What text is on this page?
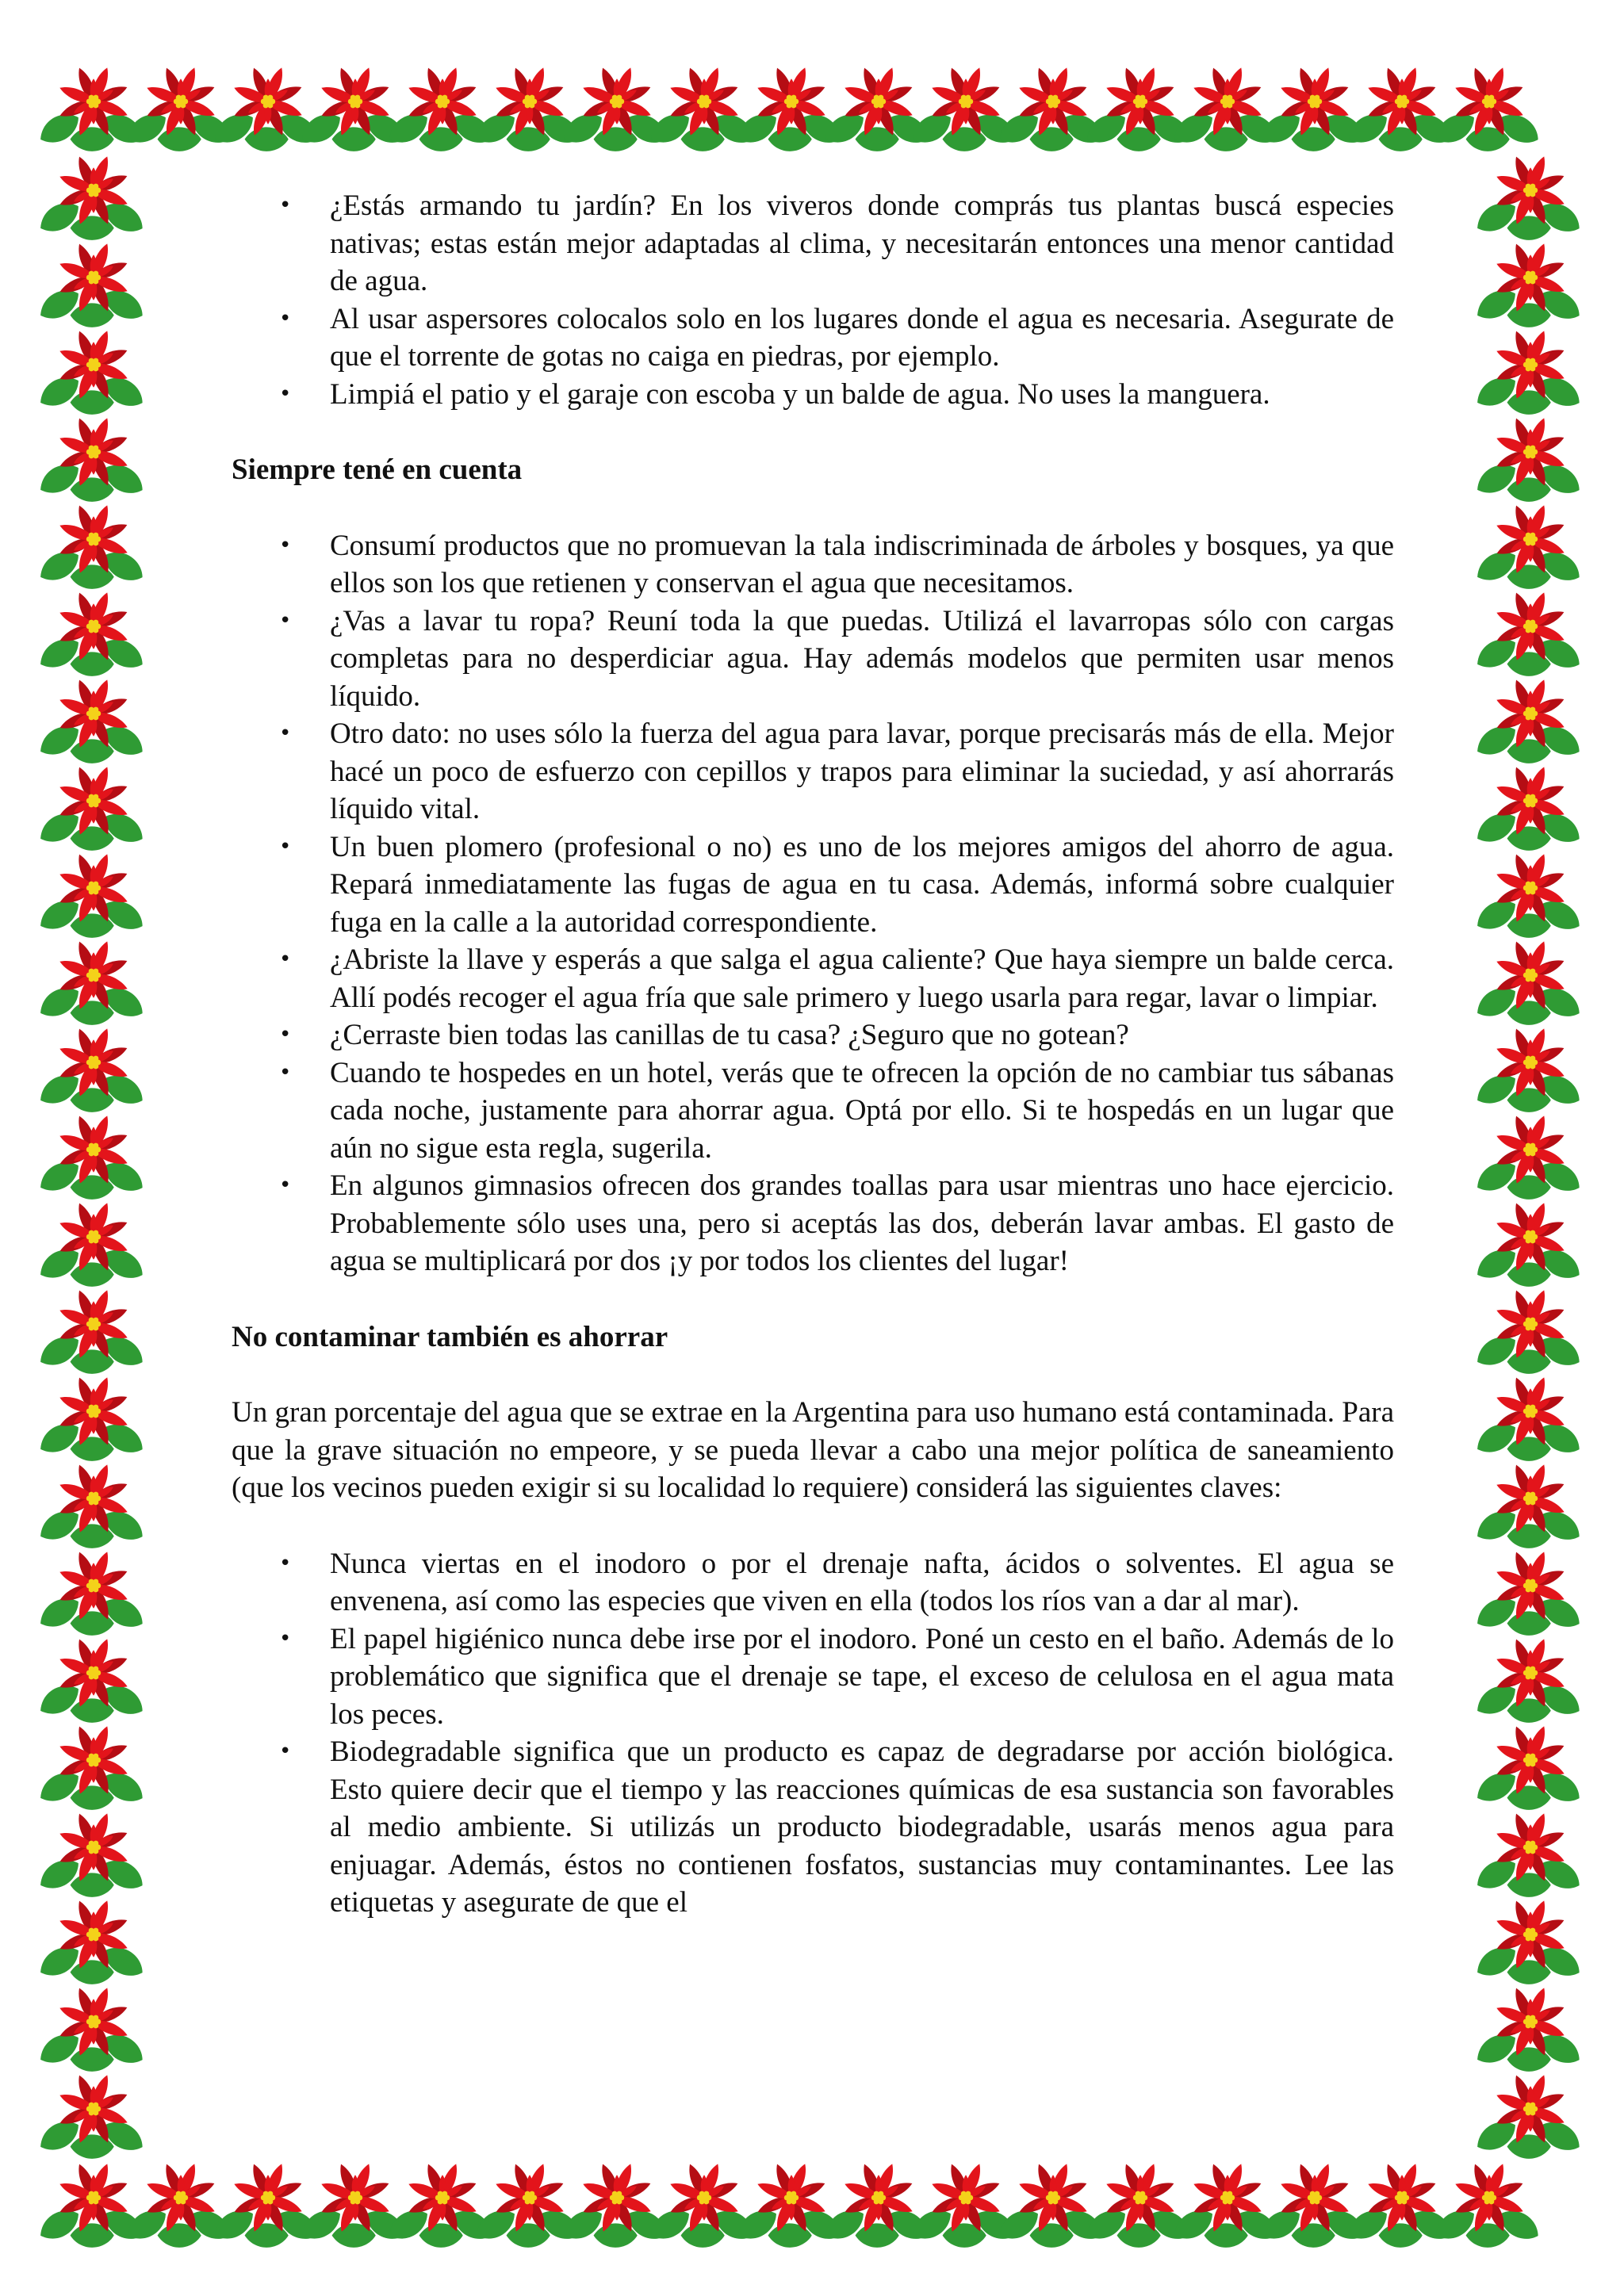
• ¿Estás armando tu jardín? En los viveros donde comprás tus plantas buscá especies nativas; estas están mejor adaptadas al clima, y necesitarán entonces una menor cantidad de agua.
• Al usar aspersores colocalos solo en los lugares donde el agua es necesaria. Asegurate de que el torrente de gotas no caiga en piedras, por ejemplo.
• Limpiá el patio y el garaje con escoba y un balde de agua. No uses la manguera.
Siempre tené en cuenta
• Consumí productos que no promuevan la tala indiscriminada de árboles y bosques, ya que ellos son los que retienen y conservan el agua que necesitamos.
• ¿Vas a lavar tu ropa? Reuní toda la que puedas. Utilizá el lavarropas sólo con cargas completas para no desperdiciar agua. Hay además modelos que permiten usar menos líquido.
• Otro dato: no uses sólo la fuerza del agua para lavar, porque precisarás más de ella. Mejor hacé un poco de esfuerzo con cepillos y trapos para eliminar la suciedad, y así ahorrarás líquido vital.
• Un buen plomero (profesional o no) es uno de los mejores amigos del ahorro de agua. Repará inmediatamente las fugas de agua en tu casa. Además, informá sobre cualquier fuga en la calle a la autoridad correspondiente.
• ¿Abriste la llave y esperás a que salga el agua caliente? Que haya siempre un balde cerca. Allí podés recoger el agua fría que sale primero y luego usarla para regar, lavar o limpiar.
• ¿Cerraste bien todas las canillas de tu casa? ¿Seguro que no gotean?
• Cuando te hospedes en un hotel, verás que te ofrecen la opción de no cambiar tus sábanas cada noche, justamente para ahorrar agua. Optá por ello. Si te hospedás en un lugar que aún no sigue esta regla, sugerila.
• En algunos gimnasios ofrecen dos grandes toallas para usar mientras uno hace ejercicio. Probablemente sólo uses una, pero si aceptás las dos, deberán lavar ambas. El gasto de agua se multiplicará por dos ¡y por todos los clientes del lugar!
No contaminar también es ahorrar

Un gran porcentaje del agua que se extrae en la Argentina para uso humano está contaminada. Para que la grave situación no empeore, y se pueda llevar a cabo una mejor política de saneamiento (que los vecinos pueden exigir si su localidad lo requiere) considerá las siguientes claves:

• Nunca viertas en el inodoro o por el drenaje nafta, ácidos o solventes. El agua se envenena, así como las especies que viven en ella (todos los ríos van a dar al mar).
• El papel higiénico nunca debe irse por el inodoro. Poné un cesto en el baño. Además de lo problemático que significa que el drenaje se tape, el exceso de celulosa en el agua mata los peces.
• Biodegradable significa que un producto es capaz de degradarse por acción biológica. Esto quiere decir que el tiempo y las reacciones químicas de esa sustancia son favorables al medio ambiente. Si utilizás un producto biodegradable, usarás menos agua para enjuagar. Además, éstos no contienen fosfatos, sustancias muy contaminantes. Lee las etiquetas y asegurate de que el
